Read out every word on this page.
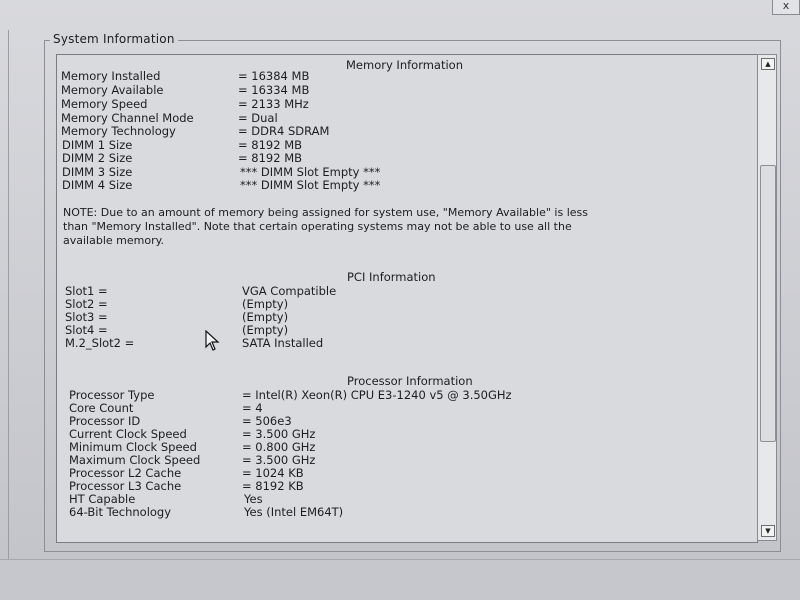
x
System Information
Memory Information
Memory Installed	= 16384 MB
Memory Available	= 16334 MB
Memory Speed	= 2133 MHz
Memory Channel Mode	= Dual
Memory Technology	= DDR4 SDRAM
DIMM 1 Size	= 8192 MB
DIMM 2 Size	= 8192 MB
DIMM 3 Size	*** DIMM Slot Empty ***
DIMM 4 Size	*** DIMM Slot Empty ***
NOTE: Due to an amount of memory being assigned for system use, "Memory Available" is less
than "Memory Installed". Note that certain operating systems may not be able to use all the
available memory.
PCI Information
Slot1 =	VGA Compatible
Slot2 =	(Empty)
Slot3 =	(Empty)
Slot4 =	(Empty)
M.2_Slot2 =	SATA Installed
Processor Information
Processor Type	= Intel(R) Xeon(R) CPU E3-1240 v5 @ 3.50GHz
Core Count	= 4
Processor ID	= 506e3
Current Clock Speed	= 3.500 GHz
Minimum Clock Speed	= 0.800 GHz
Maximum Clock Speed	= 3.500 GHz
Processor L2 Cache	= 1024 KB
Processor L3 Cache	= 8192 KB
HT Capable	Yes
64-Bit Technology	Yes (Intel EM64T)
▲
▼
